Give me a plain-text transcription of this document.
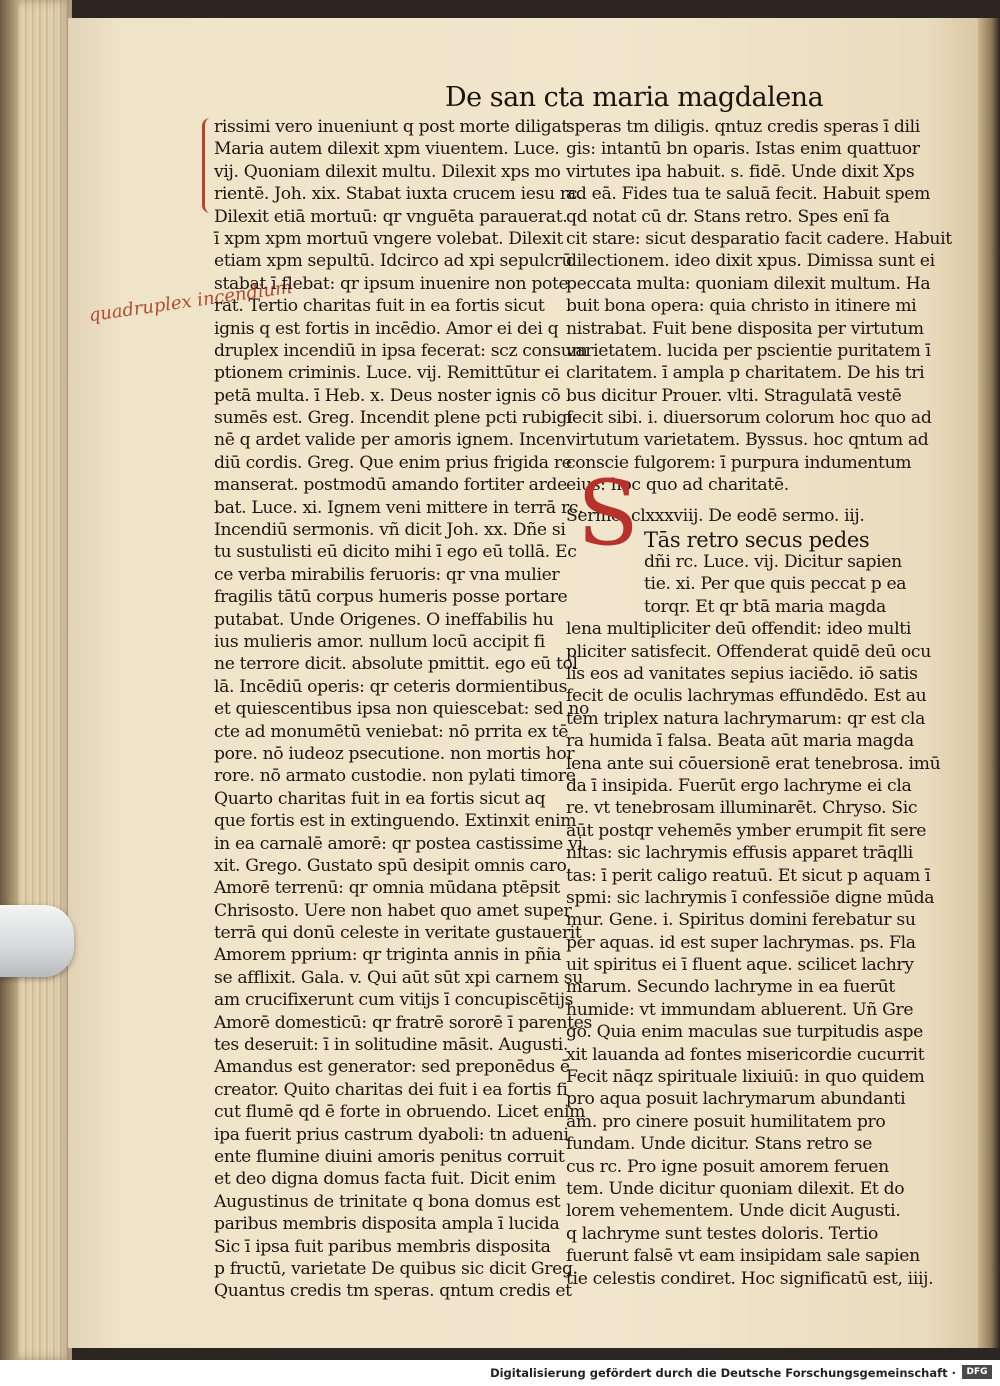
De san cta maria magdalena
quadruplex incendium
rissimi vero inueniunt q post morte diligat
Maria autem dilexit xpm viuentem. Luce.
vij. Quoniam dilexit multu. Dilexit xps mo
rientē. Joh. xix. Stabat iuxta crucem iesu rc.
Dilexit etiā mortuū: qr vnguēta parauerat.
ī xpm xpm mortuū vngere volebat. Dilexit
etiam xpm sepultū. Idcirco ad xpi sepulcrū
stabat ī flebat: qr ipsum inuenire non pote
rat. Tertio charitas fuit in ea fortis sicut
ignis q est fortis in incēdio. Amor ei dei q
druplex incendiū in ipsa fecerat: scz consum
ptionem criminis. Luce. vij. Remittūtur ei
petā multa. ī Heb. x. Deus noster ignis cō
sumēs est. Greg. Incendit plene pcti rubigi
nē q ardet valide per amoris ignem. Incen
diū cordis. Greg. Que enim prius frigida re
manserat. postmodū amando fortiter arde
bat. Luce. xi. Ignem veni mittere in terrā rc.
Incendiū sermonis. vñ dicit Joh. xx. Dñe si
tu sustulisti eū dicito mihi ī ego eū tollā. Ec
ce verba mirabilis feruoris: qr vna mulier
fragilis tātū corpus humeris posse portare
putabat. Unde Origenes. O ineffabilis hu
ius mulieris amor. nullum locū accipit fi
ne terrore dicit. absolute pmittit. ego eū tol
lā. Incēdiū operis: qr ceteris dormientibus
et quiescentibus ipsa non quiescebat: sed no
cte ad monumētū veniebat: nō prrita ex tē
pore. nō iudeoz psecutione. non mortis hor
rore. nō armato custodie. non pylati timore
Quarto charitas fuit in ea fortis sicut aq
que fortis est in extinguendo. Extinxit enim
in ea carnalē amorē: qr postea castissime vi
xit. Grego. Gustato spū desipit omnis caro.
Amorē terrenū: qr omnia mūdana ptēpsit
Chrisosto. Uere non habet quo amet super
terrā qui donū celeste in veritate gustauerit
Amorem pprium: qr triginta annis in pñia
se afflixit. Gala. v. Qui aūt sūt xpi carnem su
am crucifixerunt cum vitijs ī concupiscētijs
Amorē domesticū: qr fratrē sororē ī parentes
tes deseruit: ī in solitudine māsit. Augusti.
Amandus est generator: sed preponēdus ē
creator. Quito charitas dei fuit i ea fortis fi
cut flumē qd ē forte in obruendo. Licet enim
ipa fuerit prius castrum dyaboli: tn adueni
ente flumine diuini amoris penitus corruit
et deo digna domus facta fuit. Dicit enim
Augustinus de trinitate q bona domus est
paribus membris disposita ampla ī lucida
Sic ī ipsa fuit paribus membris disposita
p fructū, varietate De quibus sic dicit Greg.
Quantus credis tm speras. qntum credis et
speras tm diligis. qntuz credis speras ī dili
gis: intantū bn oparis. Istas enim quattuor
virtutes ipa habuit. s. fidē. Unde dixit Xps
ad eā. Fides tua te saluā fecit. Habuit spem
qd notat cū dr. Stans retro. Spes enī fa
cit stare: sicut desparatio facit cadere. Habuit
dilectionem. ideo dixit xpus. Dimissa sunt ei
peccata multa: quoniam dilexit multum. Ha
buit bona opera: quia christo in itinere mi
nistrabat. Fuit bene disposita per virtutum
varietatem. lucida per pscientie puritatem ī
claritatem. ī ampla p charitatem. De his tri
bus dicitur Prouer. vlti. Stragulatā vestē
fecit sibi. i. diuersorum colorum hoc quo ad
virtutum varietatem. Byssus. hoc qntum ad
conscie fulgorem: ī purpura indumentum
eius: hoc quo ad charitatē.
Sermo. clxxxviij. De eodē sermo. iij.
Tās retro secus pedes
dñi rc. Luce. vij. Dicitur sapien
tie. xi. Per que quis peccat p ea
torqr. Et qr btā maria magda
lena multipliciter deū offendit: ideo multi
pliciter satisfecit. Offenderat quidē deū ocu
lis eos ad vanitates sepius iaciēdo. iō satis
fecit de oculis lachrymas effundēdo. Est au
tem triplex natura lachrymarum: qr est cla
ra humida ī falsa. Beata aūt maria magda
lena ante sui cōuersionē erat tenebrosa. imū
da ī insipida. Fuerūt ergo lachryme ei cla
re. vt tenebrosam illuminarēt. Chryso. Sic
aūt postqr vehemēs ymber erumpit fit sere
nitas: sic lachrymis effusis apparet trāqlli
tas: ī perit caligo reatuū. Et sicut p aquam ī
spmi: sic lachrymis ī confessiōe digne mūda
mur. Gene. i. Spiritus domini ferebatur su
per aquas. id est super lachrymas. ps. Fla
uit spiritus ei ī fluent aque. scilicet lachry
marum. Secundo lachryme in ea fuerūt
humide: vt immundam abluerent. Uñ Gre
go. Quia enim maculas sue turpitudis aspe
xit lauanda ad fontes misericordie cucurrit
Fecit nāqz spirituale lixiuiū: in quo quidem
pro aqua posuit lachrymarum abundanti
am. pro cinere posuit humilitatem pro
fundam. Unde dicitur. Stans retro se
cus rc. Pro igne posuit amorem feruen
tem. Unde dicitur quoniam dilexit. Et do
lorem vehementem. Unde dicit Augusti.
q lachryme sunt testes doloris. Tertio
fuerunt falsē vt eam insipidam sale sapien
tie celestis condiret. Hoc significatū est, iiij.
S
Digitalisierung gefördert durch die Deutsche Forschungsgemeinschaft ·	DFG
